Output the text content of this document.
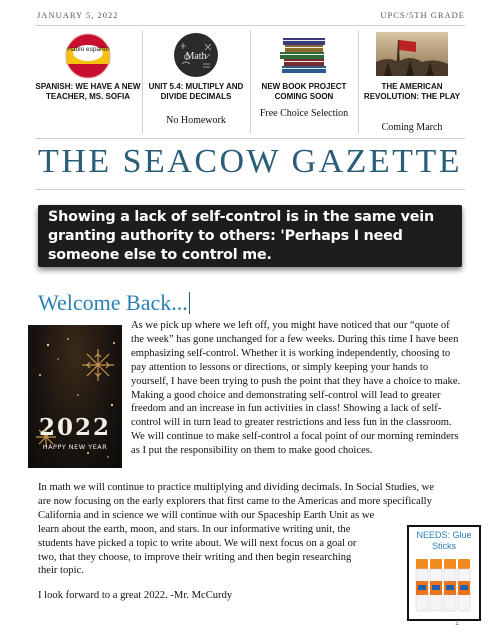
JANUARY 5, 2022	UPCS/5TH GRADE
Hablo español
SPANISH: WE HAVE A NEW TEACHER, MS. SOFIA
Math
UNIT 5.4: MULTIPLY AND DIVIDE DECIMALS
No Homework
NEW BOOK PROJECT COMING SOON
Free Choice Selection
THE AMERICAN REVOLUTION: THE PLAY
Coming March
THE SEACOW GAZETTE
Showing a lack of self-control is in the same vein granting authority to others: 'Perhaps I need someone else to control me.
Welcome Back...
2022
HAPPY NEW YEAR
As we pick up where we left off, you might have noticed that our “quote of the week” has gone unchanged for a few weeks. During this time I have been emphasizing self-control. Whether it is working independently, choosing to pay attention to lessons or directions, or simply keeping your hands to yourself, I have been trying to push the point that they have a choice to make. Making a good choice and demonstrating self-control will lead to greater freedom and an increase in fun activities in class! Showing a lack of self-control will in turn lead to greater restrictions and less fun in the classroom. We will continue to make self-control a focal point of our morning reminders as I put the responsibility on them to make good choices.
In math we will continue to practice multiplying and dividing decimals. In Social Studies, we
are now focusing on the early explorers that first came to the Americas and more specifically
California and in science we will continue with our Spaceship Earth Unit as we
learn about the earth, moon, and stars. In our informative writing unit, the
students have picked a topic to write about. We will next focus on a goal or
two, that they choose, to improve their writing and then begin researching
their topic.
I look forward to a great 2022. -Mr. McCurdy
NEEDS: Glue Sticks
1
